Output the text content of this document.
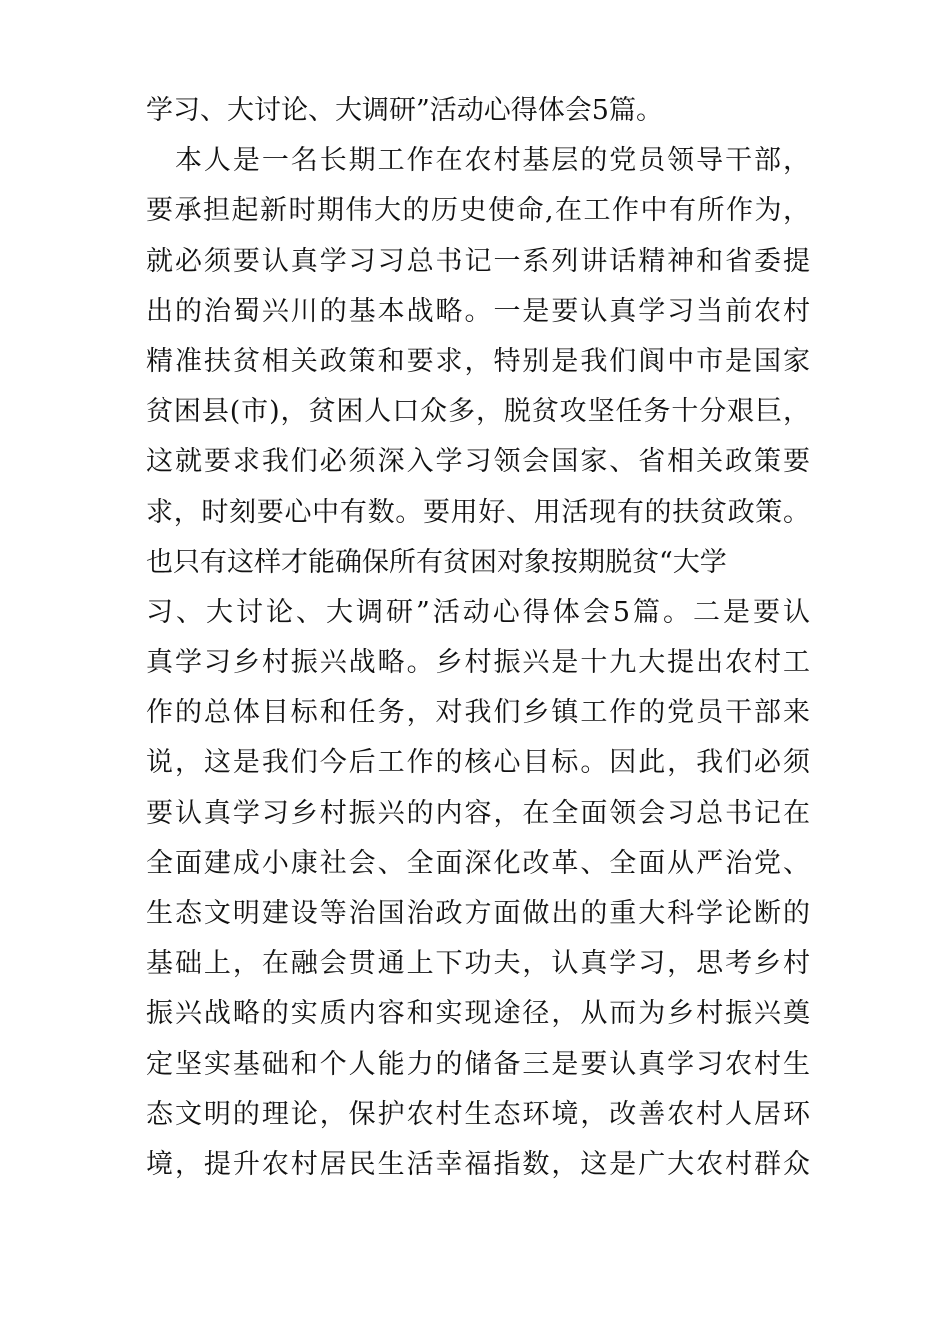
学习、大讨论、大调研”活动心得体会5篇。
　本人是一名长期工作在农村基层的党员领导干部，
要承担起新时期伟大的历史使命,在工作中有所作为，
就必须要认真学习习总书记一系列讲话精神和省委提
出的治蜀兴川的基本战略。一是要认真学习当前农村
精准扶贫相关政策和要求，特别是我们阆中市是国家
贫困县(市)，贫困人口众多，脱贫攻坚任务十分艰巨，
这就要求我们必须深入学习领会国家、省相关政策要
求，时刻要心中有数。要用好、用活现有的扶贫政策。
也只有这样才能确保所有贫困对象按期脱贫“大学
习、大讨论、大调研”活动心得体会5篇。二是要认
真学习乡村振兴战略。乡村振兴是十九大提出农村工
作的总体目标和任务，对我们乡镇工作的党员干部来
说，这是我们今后工作的核心目标。因此，我们必须
要认真学习乡村振兴的内容，在全面领会习总书记在
全面建成小康社会、全面深化改革、全面从严治党、
生态文明建设等治国治政方面做出的重大科学论断的
基础上，在融会贯通上下功夫，认真学习，思考乡村
振兴战略的实质内容和实现途径，从而为乡村振兴奠
定坚实基础和个人能力的储备三是要认真学习农村生
态文明的理论，保护农村生态环境，改善农村人居环
境，提升农村居民生活幸福指数，这是广大农村群众
